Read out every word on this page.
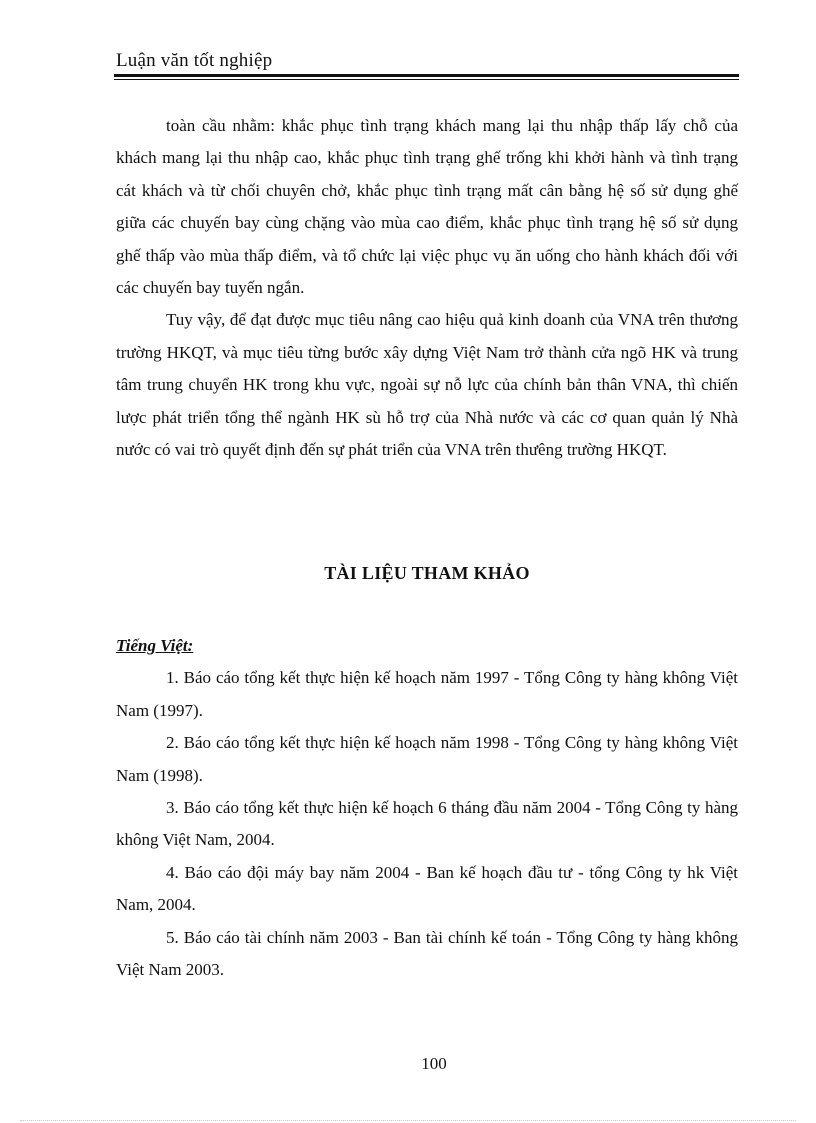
Luận văn tốt nghiệp

toàn cầu nhằm: khắc phục tình trạng khách mang lại thu nhập thấp lấy chỗ của khách mang lại thu nhập cao, khắc phục tình trạng ghế trống khi khởi hành và tình trạng cát khách và từ chối chuyên chở, khắc phục tình trạng mất cân bằng hệ số sử dụng ghế giữa các chuyến bay cùng chặng vào mùa cao điểm, khắc phục tình trạng hệ số sử dụng ghế thấp vào mùa thấp điểm, và tổ chức lại việc phục vụ ăn uống cho hành khách đối với các chuyến bay tuyến ngắn.

Tuy vậy, để đạt được mục tiêu nâng cao hiệu quả kinh doanh của VNA trên thương trường HKQT, và mục tiêu từng bước xây dựng Việt Nam trở thành cửa ngõ HK và trung tâm trung chuyển HK trong khu vực, ngoài sự nỗ lực của chính bản thân VNA, thì chiến lược phát triển tổng thể ngành HK sù hỗ trợ của Nhà nước và các cơ quan quản lý Nhà nước có vai trò quyết định đến sự phát triển của VNA trên thưêng trường HKQT.

TÀI LIỆU THAM KHẢO
Tiếng Việt:

1. Báo cáo tổng kết thực hiện kế hoạch năm 1997 - Tổng Công ty hàng không Việt Nam (1997).

2. Báo cáo tổng kết thực hiện kế hoạch năm 1998 - Tổng Công ty hàng không Việt Nam (1998).

3. Báo cáo tổng kết thực hiện kế hoạch 6 tháng đầu năm 2004 - Tổng Công ty hàng không Việt Nam, 2004.

4. Báo cáo đội máy bay năm 2004 - Ban kế hoạch đầu tư - tổng Công ty hk Việt Nam, 2004.

5. Báo cáo tài chính năm 2003 - Ban tài chính kế toán - Tổng Công ty hàng không Việt Nam 2003.

100
